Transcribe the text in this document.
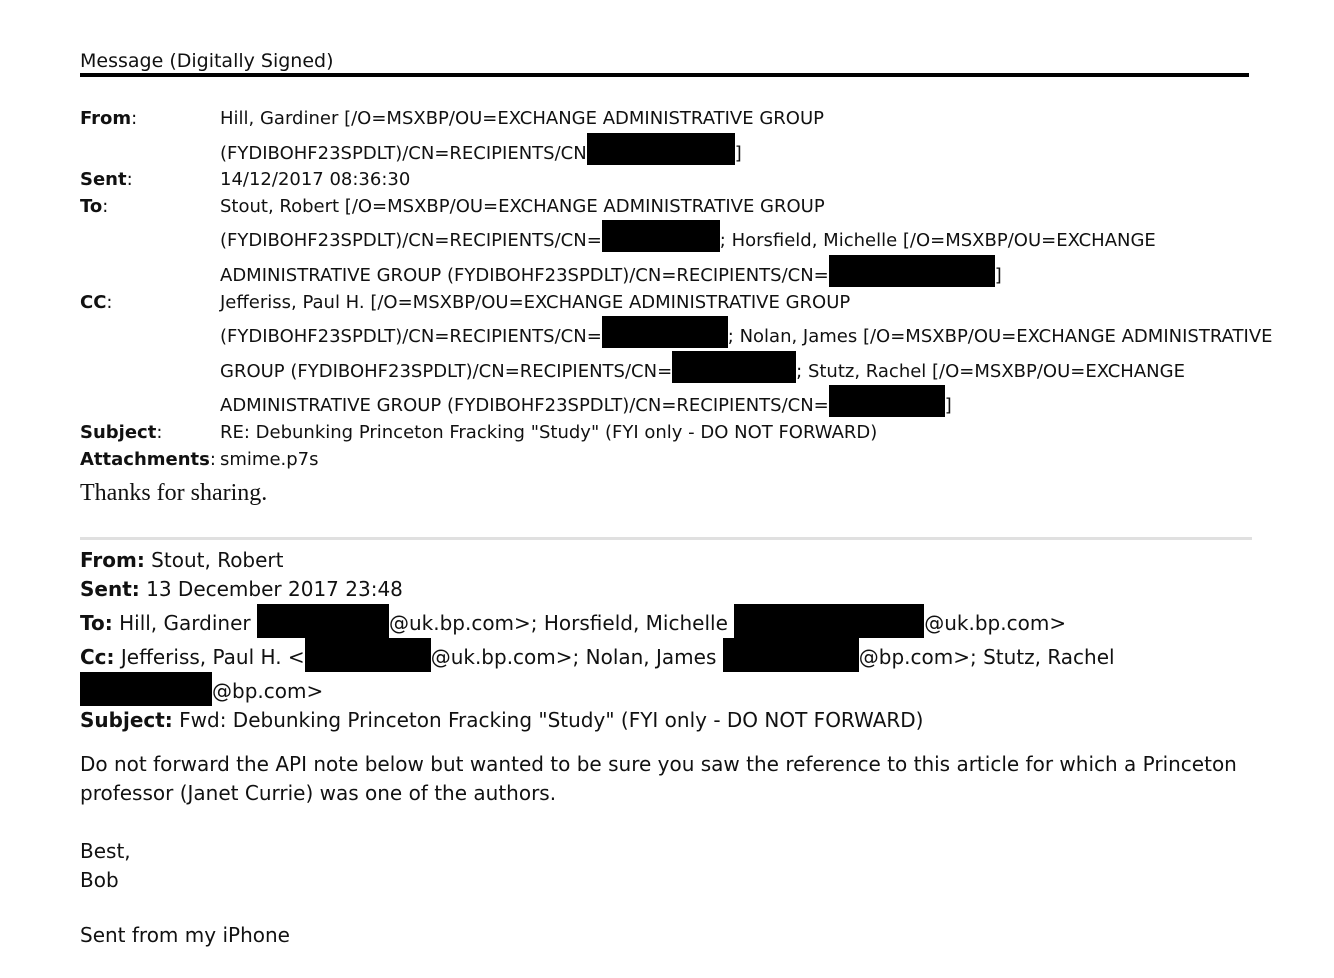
Message (Digitally Signed)
From:	Hill, Gardiner [/O=MSXBP/OU=EXCHANGE ADMINISTRATIVE GROUP
(FYDIBOHF23SPDLT)/CN=RECIPIENTS/CN	]
Sent:	14/12/2017 08:36:30
To:	Stout, Robert [/O=MSXBP/OU=EXCHANGE ADMINISTRATIVE GROUP
(FYDIBOHF23SPDLT)/CN=RECIPIENTS/CN=	; Horsfield, Michelle [/O=MSXBP/OU=EXCHANGE
ADMINISTRATIVE GROUP (FYDIBOHF23SPDLT)/CN=RECIPIENTS/CN=	]
CC:	Jefferiss, Paul H. [/O=MSXBP/OU=EXCHANGE ADMINISTRATIVE GROUP
(FYDIBOHF23SPDLT)/CN=RECIPIENTS/CN=	; Nolan, James [/O=MSXBP/OU=EXCHANGE ADMINISTRATIVE
GROUP (FYDIBOHF23SPDLT)/CN=RECIPIENTS/CN=	; Stutz, Rachel [/O=MSXBP/OU=EXCHANGE
ADMINISTRATIVE GROUP (FYDIBOHF23SPDLT)/CN=RECIPIENTS/CN=	]
Subject:	RE: Debunking Princeton Fracking "Study" (FYI only - DO NOT FORWARD)
Attachments: smime.p7s
Thanks for sharing.
From: Stout, Robert
Sent: 13 December 2017 23:48
To: Hill, Gardiner	@uk.bp.com>; Horsfield, Michelle	@uk.bp.com>
Cc: Jefferiss, Paul H. <	@uk.bp.com>; Nolan, James	@bp.com>; Stutz, Rachel
@bp.com>
Subject: Fwd: Debunking Princeton Fracking "Study" (FYI only - DO NOT FORWARD)
Do not forward the API note below but wanted to be sure you saw the reference to this article for which a Princeton
professor (Janet Currie) was one of the authors.
Best,
Bob
Sent from my iPhone
